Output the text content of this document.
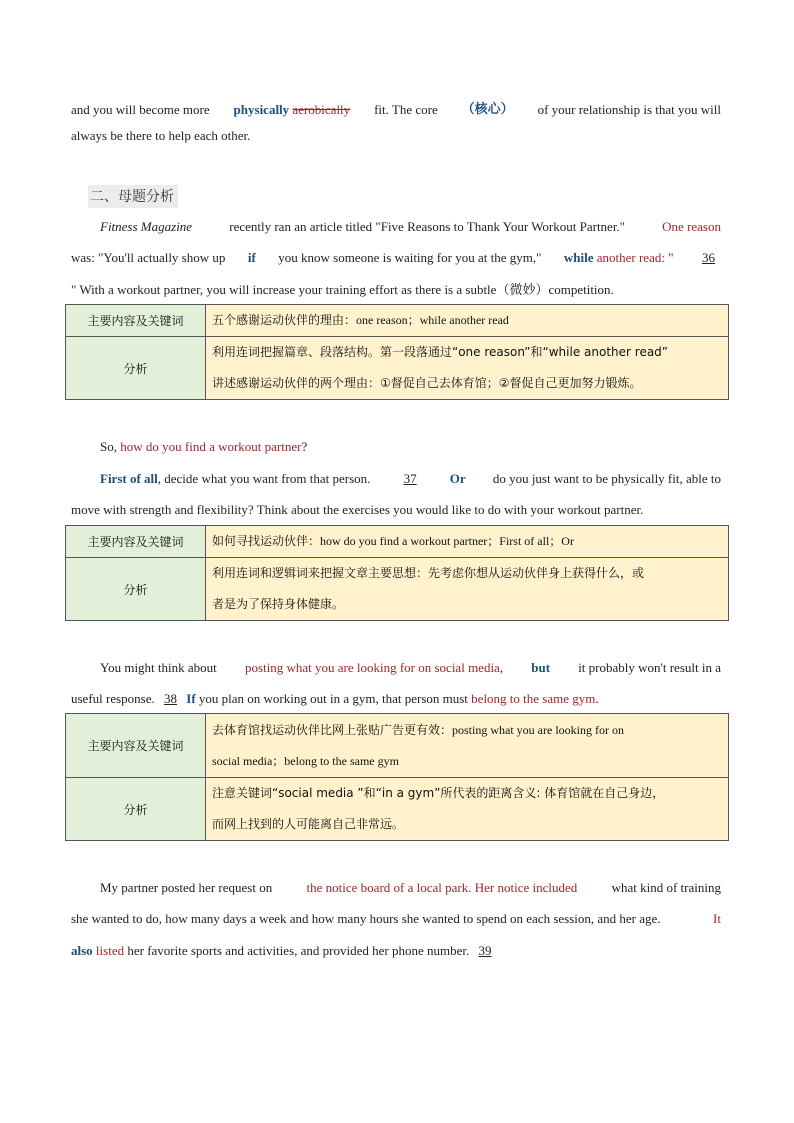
and you will become more physically aerobically fit. The core （核心） of your relationship is that you will
always be there to help each other.
二、母题分析
Fitness Magazine	recently ran an article titled "Five Reasons to Thank Your Workout Partner."	One reason
was: "You'll actually show up if you know someone is waiting for you at the gym," while another read: "	36
" With a workout partner, you will increase your training effort as there is a subtle（微妙）competition.
主要内容及关键词	五个感谢运动伙伴的理由：one reason；while another read
分析	利用连词把握篇章、段落结构。第一段落通过“one reason”和“while another read”
讲述感谢运动伙伴的两个理由：①督促自己去体育馆；②督促自己更加努力锻炼。
So, how do you find a workout partner?
First of all, decide what you want from that person.	37	Or do you just want to be physically fit, able to
move with strength and flexibility? Think about the exercises you would like to do with your workout partner.
主要内容及关键词	如何寻找运动伙伴：how do you find a workout partner；First of all；Or
分析	利用连词和逻辑词来把握文章主要思想：先考虑你想从运动伙伴身上获得什么，或
者是为了保持身体健康。
You might think about posting what you are looking for on social media, but it probably won't result in a
useful response. 38 If you plan on working out in a gym, that person must belong to the same gym.
主要内容及关键词	去体育馆找运动伙伴比网上张贴广告更有效：posting what you are looking for on
social media；belong to the same gym

分析	注意关键词“social media ”和“in a gym”所代表的距离含义: 体育馆就在自己身边，
而网上找到的人可能离自己非常远。
My partner posted her request on	the notice board of a local park. Her notice included	what kind of training
she wanted to do, how many days a week and how many hours she wanted to spend on each session, and her age.	It
also listed her favorite sports and activities, and provided her phone number. 39
